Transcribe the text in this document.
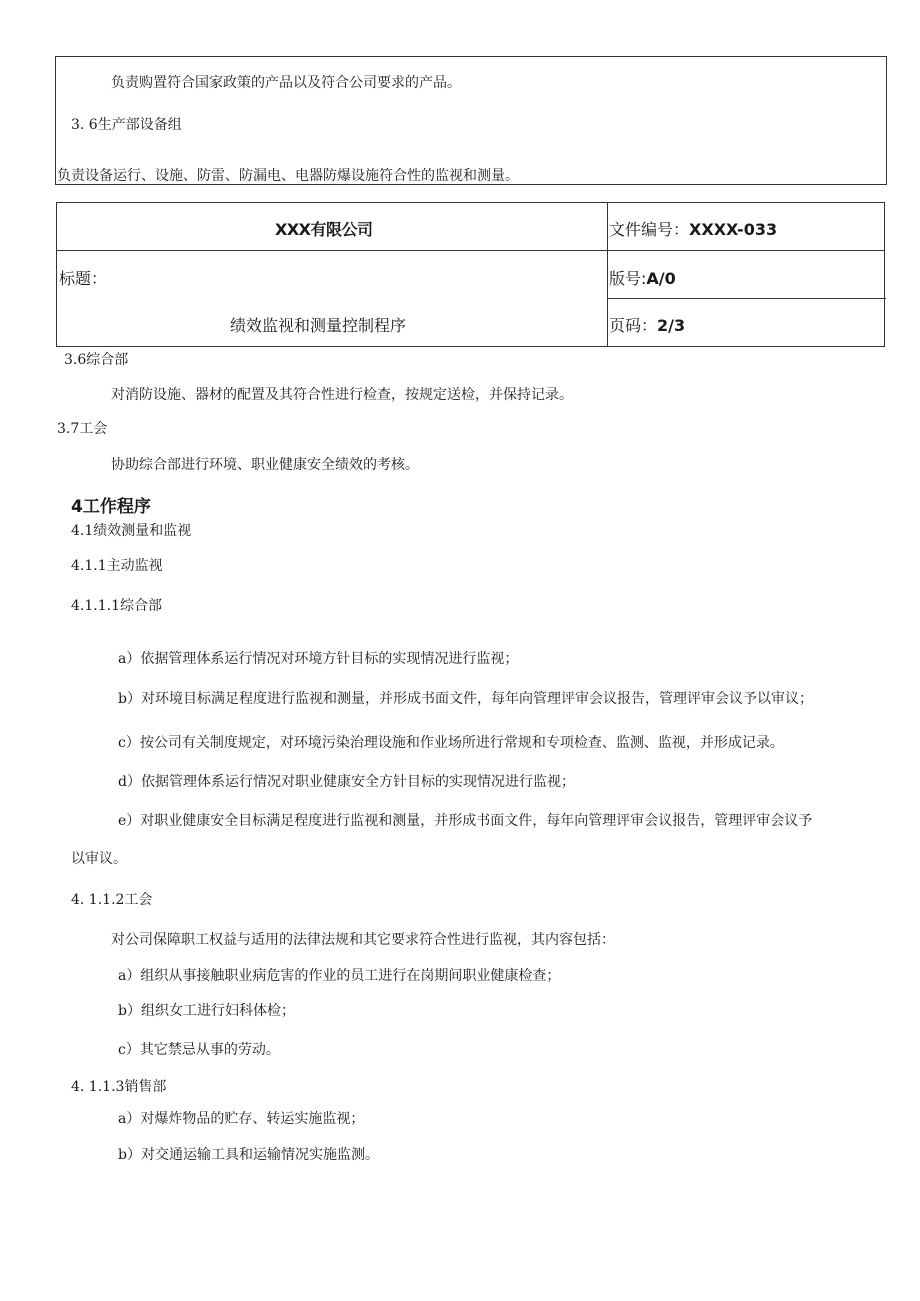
负责购置符合国家政策的产品以及符合公司要求的产品。
3. 6生产部设备组
负责设备运行、设施、防雷、防漏电、电器防爆设施符合性的监视和测量。
XXX有限公司	文件编号：XXXX-033
标题：	版号:A/0
绩效监视和测量控制程序	页码：2/3
3.6综合部
对消防设施、器材的配置及其符合性进行检查，按规定送检，并保持记录。
3.7工会
协助综合部进行环境、职业健康安全绩效的考核。
4工作程序
4.1绩效测量和监视
4.1.1主动监视
4.1.1.1综合部
a）依据管理体系运行情况对环境方针目标的实现情况进行监视；
b）对环境目标满足程度进行监视和测量，并形成书面文件，每年向管理评审会议报告，管理评审会议予以审议；
c）按公司有关制度规定，对环境污染治理设施和作业场所进行常规和专项检查、监测、监视，并形成记录。
d）依据管理体系运行情况对职业健康安全方针目标的实现情况进行监视；
e）对职业健康安全目标满足程度进行监视和测量，并形成书面文件，每年向管理评审会议报告，管理评审会议予
以审议。
4. 1.1.2工会
对公司保障职工权益与适用的法律法规和其它要求符合性进行监视，其内容包括：
a）组织从事接触职业病危害的作业的员工进行在岗期间职业健康检查；
b）组织女工进行妇科体检；
c）其它禁忌从事的劳动。
4. 1.1.3销售部
a）对爆炸物品的贮存、转运实施监视；
b）对交通运输工具和运输情况实施监测。
